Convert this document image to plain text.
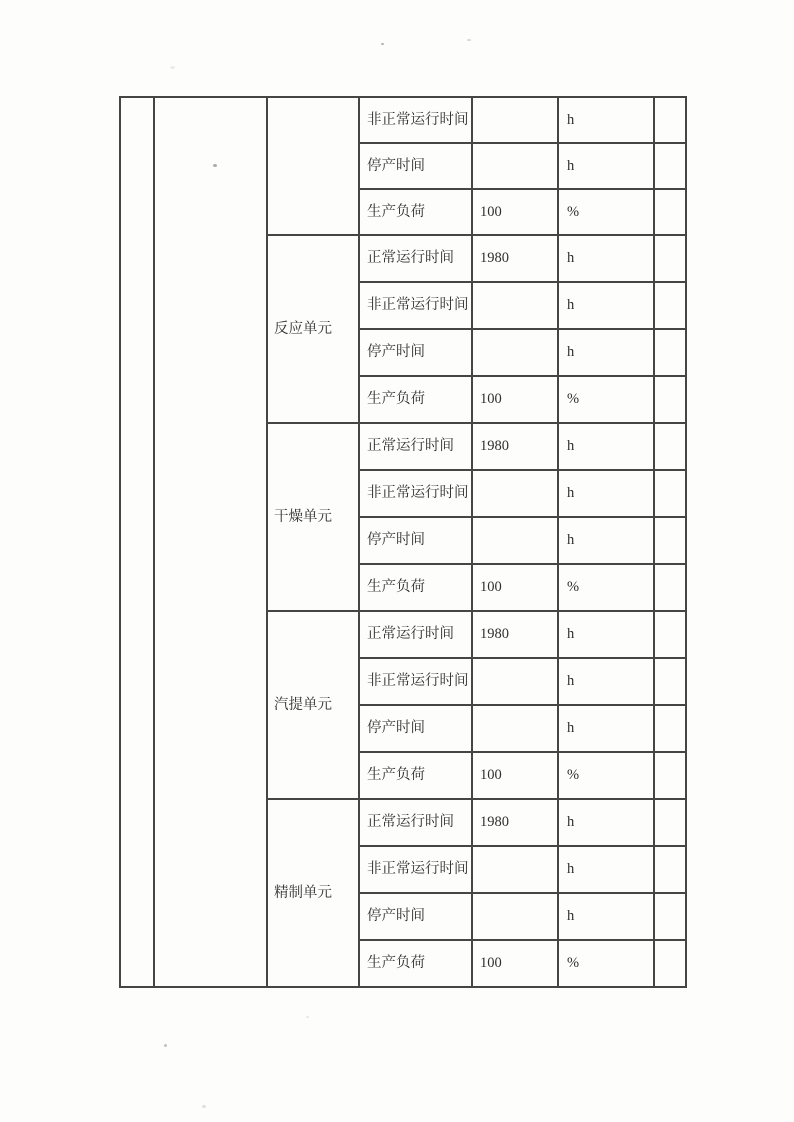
			非正常运行时间		h	
			停产时间		h	
			生产负荷	100	%	
		反应单元	正常运行时间	1980	h	
			非正常运行时间		h	
			停产时间		h	
			生产负荷	100	%	
		干燥单元	正常运行时间	1980	h	
			非正常运行时间		h	
			停产时间		h	
			生产负荷	100	%	
		汽提单元	正常运行时间	1980	h	
			非正常运行时间		h	
			停产时间		h	
			生产负荷	100	%	
		精制单元	正常运行时间	1980	h	
			非正常运行时间		h	
			停产时间		h	
			生产负荷	100	%	
